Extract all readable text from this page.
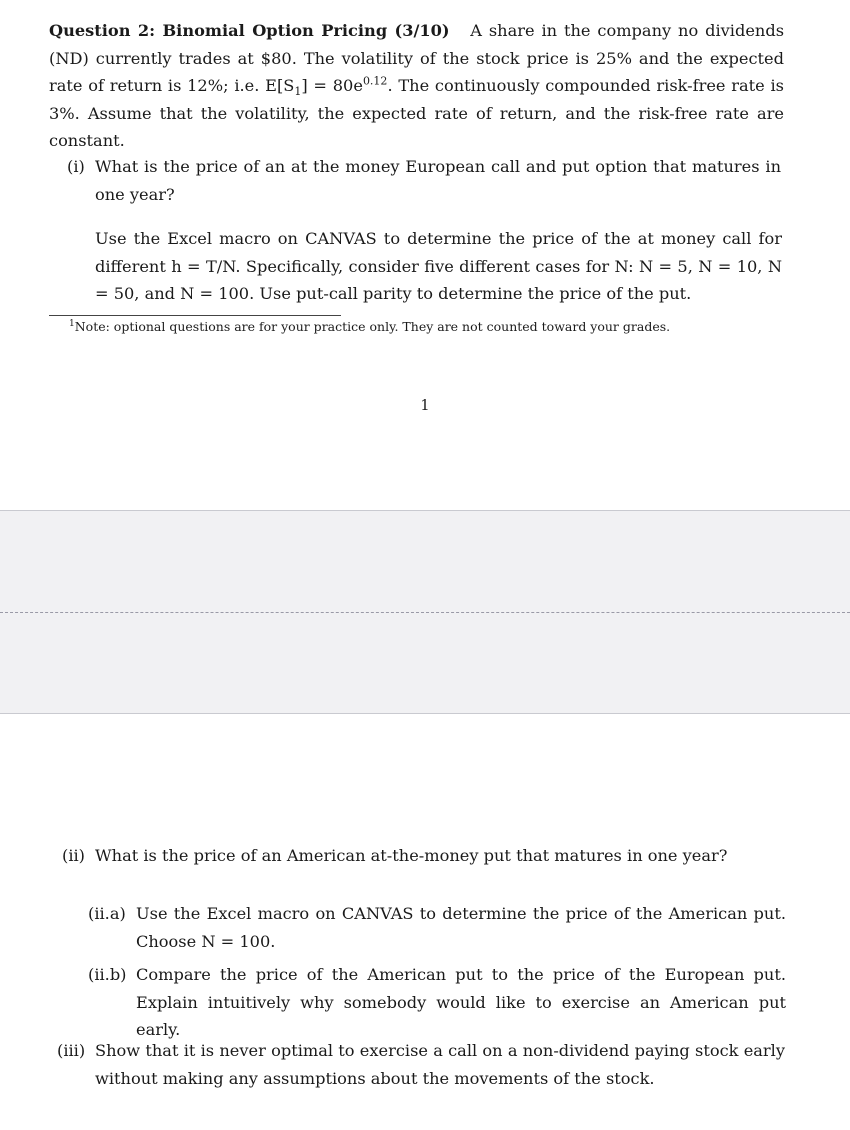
Question 2: Binomial Option Pricing (3/10) A share in the company no dividends (ND) currently trades at $80. The volatility of the stock price is 25% and the expected rate of return is 12%; i.e. $E[S_1] = 80e^{0.12}$. The continuously compounded risk-free rate is 3%. Assume that the volatility, the expected rate of return, and the risk-free rate are constant.
(i) What is the price of an at the money European call and put option that matures in one year?
Use the Excel macro on CANVAS to determine the price of the at money call for different h = T/N. Specifically, consider five different cases for N: N = 5, N = 10, N = 50, and N = 100. Use put-call parity to determine the price of the put.
$^1$Note: optional questions are for your practice only. They are not counted toward your grades.
1
(ii) What is the price of an American at-the-money put that matures in one year?
(ii.a) Use the Excel macro on CANVAS to determine the price of the American put. Choose N = 100.
(ii.b) Compare the price of the American put to the price of the European put. Explain intuitively why somebody would like to exercise an American put early.
(iii) Show that it is never optimal to exercise a call on a non-dividend paying stock early without making any assumptions about the movements of the stock.
